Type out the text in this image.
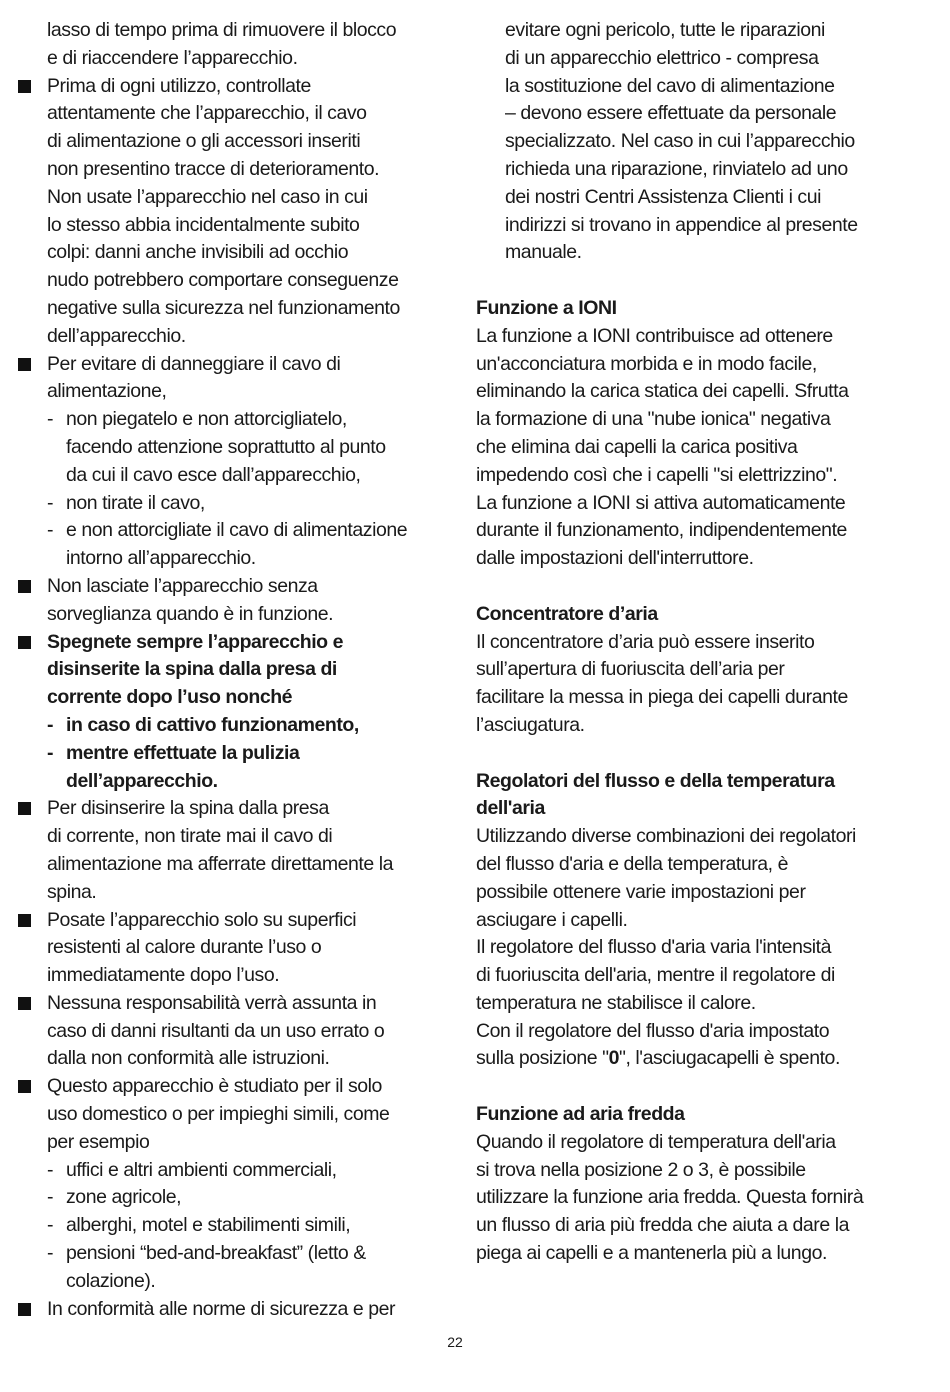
lasso di tempo prima di rimuovere il blocco
e di riaccendere l’apparecchio.
Prima di ogni utilizzo, controllate
attentamente che l’apparecchio, il cavo
di alimentazione o gli accessori inseriti
non presentino tracce di deterioramento.
Non usate l’apparecchio nel caso in cui
lo stesso abbia incidentalmente subito
colpi: danni anche invisibili ad occhio
nudo potrebbero comportare conseguenze
negative sulla sicurezza nel funzionamento
dell’apparecchio.
Per evitare di danneggiare il cavo di
alimentazione,
- non piegatelo e non attorcigliatelo,
facendo attenzione soprattutto al punto
da cui il cavo esce dall’apparecchio,
- non tirate il cavo,
- e non attorcigliate il cavo di alimentazione
intorno all’apparecchio.
Non lasciate l’apparecchio senza
sorveglianza quando è in funzione.
Spegnete sempre l’apparecchio e
disinserite la spina dalla presa di
corrente dopo l’uso nonché
- in caso di cattivo funzionamento,
- mentre effettuate la pulizia
dell’apparecchio.
Per disinserire la spina dalla presa
di corrente, non tirate mai il cavo di
alimentazione ma afferrate direttamente la
spina.
Posate l’apparecchio solo su superfici
resistenti al calore durante l’uso o
immediatamente dopo l’uso.
Nessuna responsabilità verrà assunta in
caso di danni risultanti da un uso errato o
dalla non conformità alle istruzioni.
Questo apparecchio è studiato per il solo
uso domestico o per impieghi simili, come
per esempio
- uffici e altri ambienti commerciali,
- zone agricole,
- alberghi, motel e stabilimenti simili,
- pensioni “bed-and-breakfast” (letto &
colazione).
In conformità alle norme di sicurezza e per
evitare ogni pericolo, tutte le riparazioni
di un apparecchio elettrico - compresa
la sostituzione del cavo di alimentazione
– devono essere effettuate da personale
specializzato. Nel caso in cui l’apparecchio
richieda una riparazione, rinviatelo ad uno
dei nostri Centri Assistenza Clienti i cui
indirizzi si trovano in appendice al presente
manuale.
Funzione a IONI
La funzione a IONI contribuisce ad ottenere
un'acconciatura morbida e in modo facile,
eliminando la carica statica dei capelli. Sfrutta
la formazione di una "nube ionica" negativa
che elimina dai capelli la carica positiva
impedendo così che i capelli "si elettrizzino".
La funzione a IONI si attiva automaticamente
durante il funzionamento, indipendentemente
dalle impostazioni dell'interruttore.
Concentratore d’aria
Il concentratore d’aria può essere inserito
sull’apertura di fuoriuscita dell’aria per
facilitare la messa in piega dei capelli durante
l’asciugatura.
Regolatori del flusso e della temperatura
dell'aria
Utilizzando diverse combinazioni dei regolatori
del flusso d'aria e della temperatura, è
possibile ottenere varie impostazioni per
asciugare i capelli.
Il regolatore del flusso d'aria varia l'intensità
di fuoriuscita dell'aria, mentre il regolatore di
temperatura ne stabilisce il calore.
Con il regolatore del flusso d'aria impostato
sulla posizione "0", l'asciugacapelli è spento.
Funzione ad aria fredda
Quando il regolatore di temperatura dell'aria
si trova nella posizione 2 o 3, è possibile
utilizzare la funzione aria fredda. Questa fornirà
un flusso di aria più fredda che aiuta a dare la
piega ai capelli e a mantenerla più a lungo.
22
